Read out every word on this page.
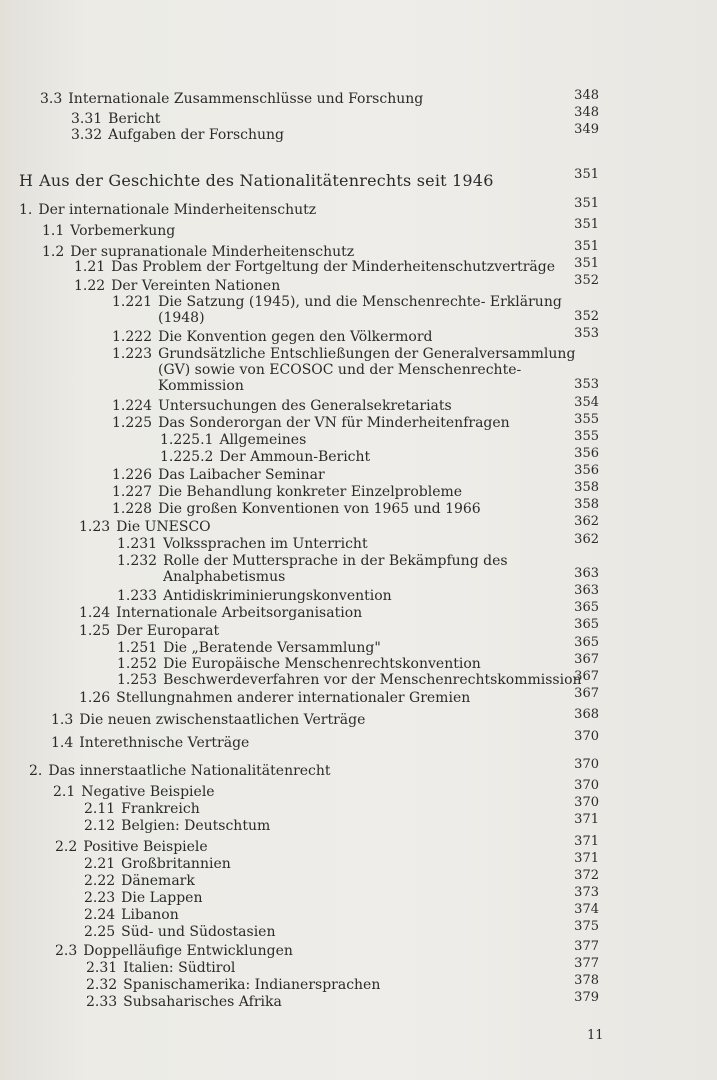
3.3 Internationale Zusammenschlüsse und Forschung	348
3.31 Bericht	348
3.32 Aufgaben der Forschung	349
H Aus der Geschichte des Nationalitätenrechts seit 1946	351
1. Der internationale Minderheitenschutz	351
1.1 Vorbemerkung	351
1.2 Der supranationale Minderheitenschutz	351
1.21 Das Problem der Fortgeltung der Minderheitenschutzverträge 351
1.22 Der Vereinten Nationen	352
1.221 Die Satzung (1945), und die Menschenrechte- Erklärung
(1948)	352
1.222 Die Konvention gegen den Völkermord	353
1.223 Grundsätzliche Entschließungen der Generalversammlung
(GV) sowie von ECOSOC und der Menschenrechte-
Kommission	353
1.224 Untersuchungen des Generalsekretariats	354
1.225 Das Sonderorgan der VN für Minderheitenfragen	355
1.225.1 Allgemeines	355
1.225.2 Der Ammoun-Bericht	356
1.226 Das Laibacher Seminar	356
1.227 Die Behandlung konkreter Einzelprobleme	358
1.228 Die großen Konventionen von 1965 und 1966	358
1.23 Die UNESCO	362
1.231 Volkssprachen im Unterricht	362
1.232 Rolle der Muttersprache in der Bekämpfung des
Analphabetismus	363
1.233 Antidiskriminierungskonvention	363
1.24 Internationale Arbeitsorganisation	365
1.25 Der Europarat	365
1.251 Die „Beratende Versammlung"	365
1.252 Die Europäische Menschenrechtskonvention	367
1.253 Beschwerdeverfahren vor der Menschenrechtskommission
367
1.26 Stellungnahmen anderer internationaler Gremien	367
1.3 Die neuen zwischenstaatlichen Verträge	368
1.4 Interethnische Verträge	370
2. Das innerstaatliche Nationalitätenrecht	370
2.1 Negative Beispiele	370
2.11 Frankreich	370
2.12 Belgien: Deutschtum	371
2.2 Positive Beispiele	371
2.21 Großbritannien	371
2.22 Dänemark	372
2.23 Die Lappen	373
2.24 Libanon	374
2.25 Süd- und Südostasien	375
2.3 Doppelläufige Entwicklungen	377
2.31 Italien: Südtirol	377
2.32 Spanischamerika: Indianersprachen	378
2.33 Subsaharisches Afrika	379
11
